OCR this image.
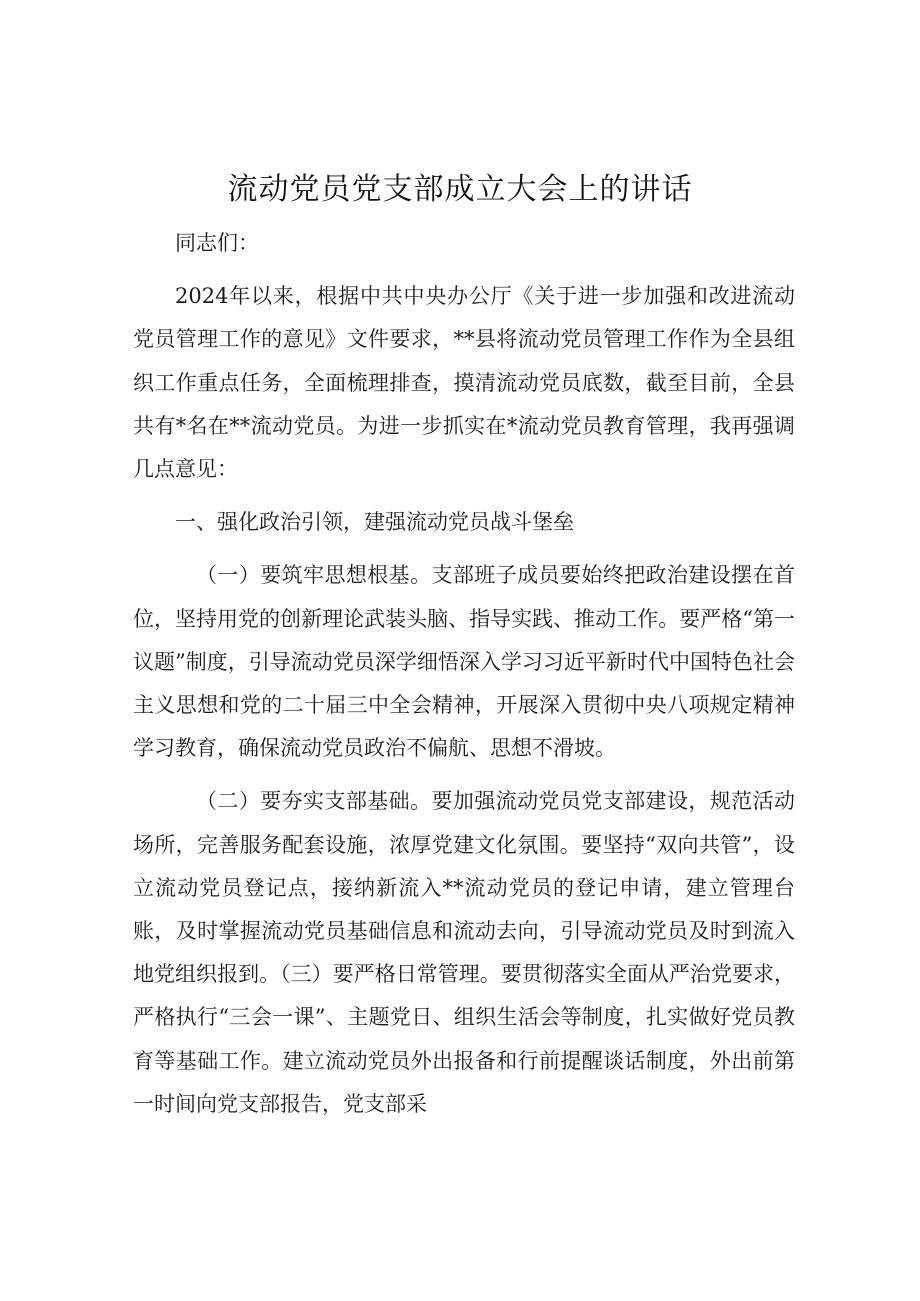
流动党员党支部成立大会上的讲话

同志们：

2024年以来，根据中共中央办公厅《关于进一步加强和改进流动党员管理工作的意见》文件要求，**县将流动党员管理工作作为全县组织工作重点任务，全面梳理排查，摸清流动党员底数，截至目前，全县共有*名在**流动党员。为进一步抓实在*流动党员教育管理，我再强调几点意见：

一、强化政治引领，建强流动党员战斗堡垒

（一）要筑牢思想根基。支部班子成员要始终把政治建设摆在首位，坚持用党的创新理论武装头脑、指导实践、推动工作。要严格“第一议题”制度，引导流动党员深学细悟深入学习习近平新时代中国特色社会主义思想和党的二十届三中全会精神，开展深入贯彻中央八项规定精神学习教育，确保流动党员政治不偏航、思想不滑坡。

（二）要夯实支部基础。要加强流动党员党支部建设，规范活动场所，完善服务配套设施，浓厚党建文化氛围。要坚持“双向共管”，设立流动党员登记点，接纳新流入**流动党员的登记申请，建立管理台账，及时掌握流动党员基础信息和流动去向，引导流动党员及时到流入地党组织报到。（三）要严格日常管理。要贯彻落实全面从严治党要求，严格执行“三会一课”、主题党日、组织生活会等制度，扎实做好党员教育等基础工作。建立流动党员外出报备和行前提醒谈话制度，外出前第一时间向党支部报告，党支部采
